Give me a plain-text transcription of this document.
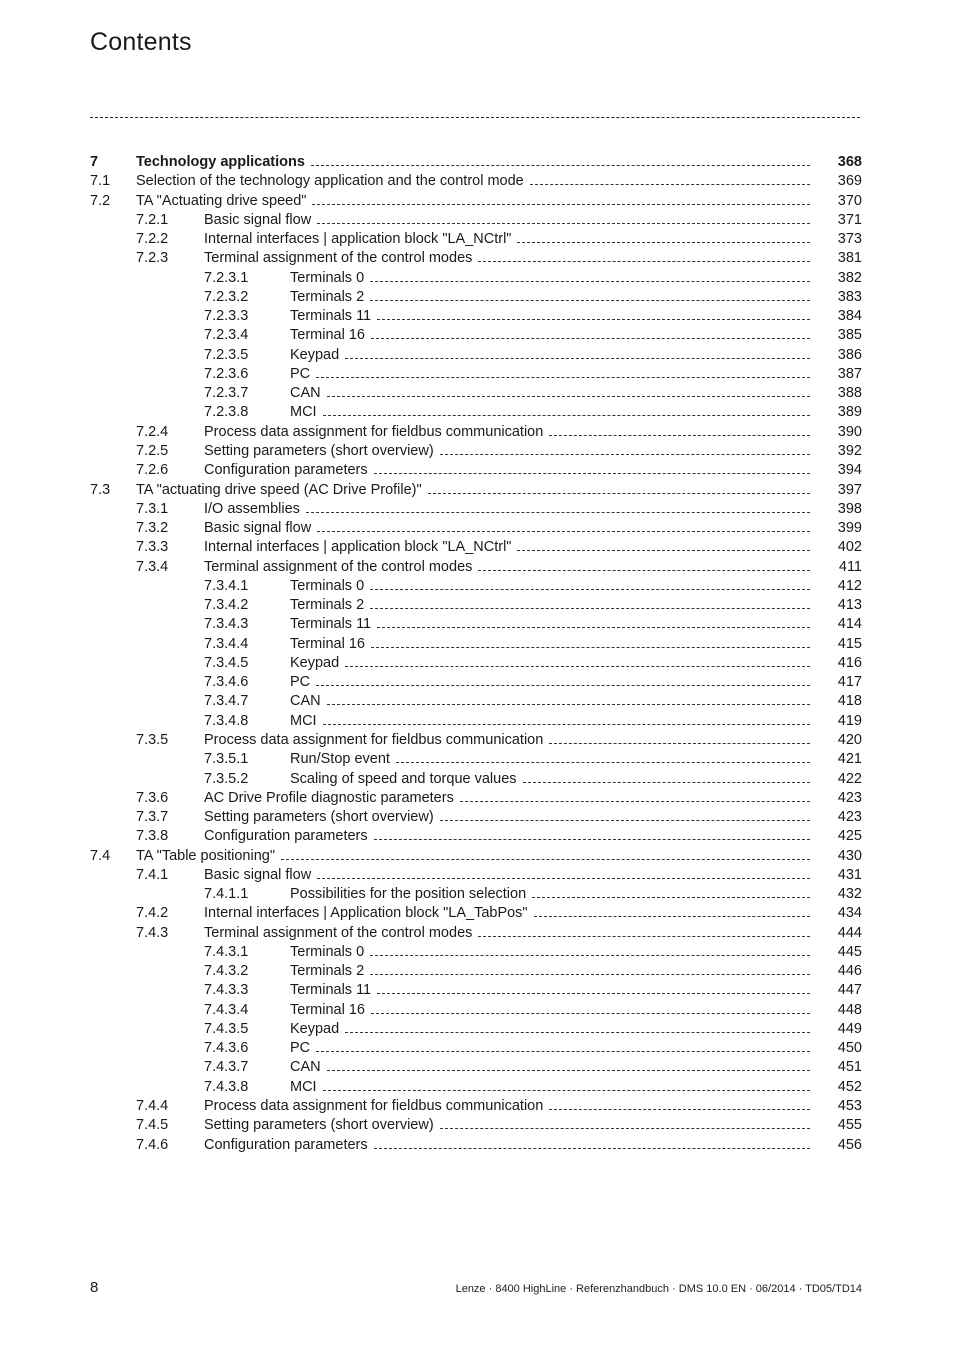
Contents
7	Technology applications	368
7.1 Selection of the technology application and the control mode	369
7.2 TA "Actuating drive speed"	370
7.2.1 Basic signal flow	371
7.2.2 Internal interfaces | application block "LA_NCtrl"	373
7.2.3 Terminal assignment of the control modes	381
7.2.3.1	Terminals 0	382
7.2.3.2	Terminals 2	383
7.2.3.3	Terminals 11	384
7.2.3.4	Terminal 16	385
7.2.3.5	Keypad	386
7.2.3.6	PC	387
7.2.3.7	CAN	388
7.2.3.8	MCI	389
7.2.4 Process data assignment for fieldbus communication	390
7.2.5 Setting parameters (short overview)	392
7.2.6 Configuration parameters	394
7.3 TA "actuating drive speed (AC Drive Profile)"	397
7.3.1 I/O assemblies	398
7.3.2 Basic signal flow	399
7.3.3 Internal interfaces | application block "LA_NCtrl"	402
7.3.4 Terminal assignment of the control modes	411
7.3.4.1	Terminals 0	412
7.3.4.2	Terminals 2	413
7.3.4.3	Terminals 11	414
7.3.4.4	Terminal 16	415
7.3.4.5	Keypad	416
7.3.4.6	PC	417
7.3.4.7	CAN	418
7.3.4.8	MCI	419
7.3.5 Process data assignment for fieldbus communication	420
7.3.5.1	Run/Stop event	421
7.3.5.2	Scaling of speed and torque values	422
7.3.6 AC Drive Profile diagnostic parameters	423
7.3.7 Setting parameters (short overview)	423
7.3.8 Configuration parameters	425
7.4 TA "Table positioning"	430
7.4.1 Basic signal flow	431
7.4.1.1	Possibilities for the position selection	432
7.4.2 Internal interfaces | Application block "LA_TabPos"	434
7.4.3 Terminal assignment of the control modes	444
7.4.3.1	Terminals 0	445
7.4.3.2	Terminals 2	446
7.4.3.3	Terminals 11	447
7.4.3.4	Terminal 16	448
7.4.3.5	Keypad	449
7.4.3.6	PC	450
7.4.3.7	CAN	451
7.4.3.8	MCI	452
7.4.4 Process data assignment for fieldbus communication	453
7.4.5 Setting parameters (short overview)	455
7.4.6 Configuration parameters	456
8	Lenze · 8400 HighLine · Referenzhandbuch · DMS 10.0 EN · 06/2014 · TD05/TD14
